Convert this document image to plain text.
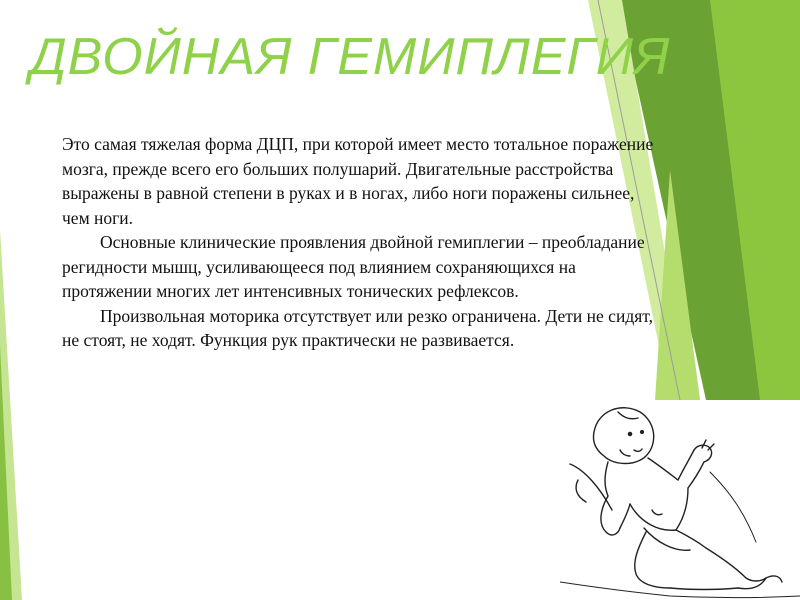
ДВОЙНАЯ ГЕМИПЛЕГИЯ

Это самая тяжелая форма ДЦП, при которой имеет место тотальное поражение мозга, прежде всего его больших полушарий. Двигательные расстройства выражены в равной степени в руках и в ногах, либо ноги поражены сильнее, чем ноги.

Основные клинические проявления двойной гемиплегии – преобладание регидности мышц, усиливающееся под влиянием сохраняющихся на протяжении многих лет интенсивных тонических рефлексов.

Произвольная моторика отсутствует или резко ограничена. Дети не сидят, не стоят, не ходят. Функция рук практически не развивается.
